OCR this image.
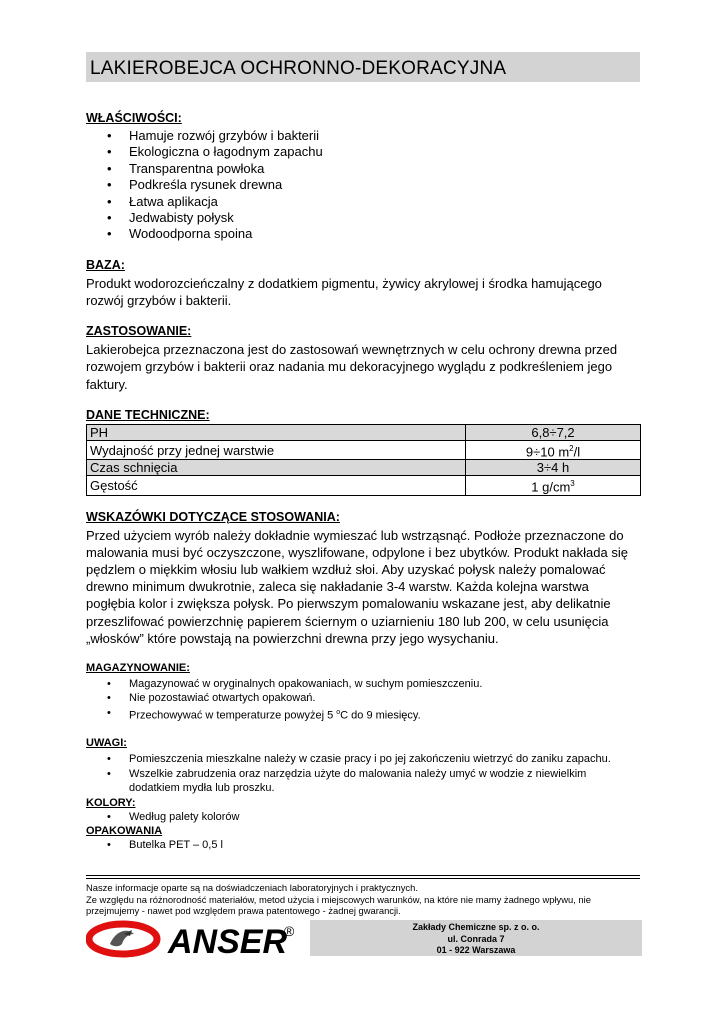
LAKIEROBEJCA OCHRONNO-DEKORACYJNA
WŁAŚCIWOŚCI:
• Hamuje rozwój grzybów i bakterii
• Ekologiczna o łagodnym zapachu
• Transparentna powłoka
• Podkreśla rysunek drewna
• Łatwa aplikacja
• Jedwabisty połysk
• Wodoodporna spoina
BAZA:

Produkt wodorozcieńczalny z dodatkiem pigmentu, żywicy akrylowej i środka hamującego rozwój grzybów i bakterii.

ZASTOSOWANIE:

Lakierobejca przeznaczona jest do zastosowań wewnętrznych w celu ochrony drewna przed rozwojem grzybów i bakterii oraz nadania mu dekoracyjnego wyglądu z podkreśleniem jego faktury.

DANE TECHNICZNE:
PH	6,8÷7,2
Wydajność przy jednej warstwie	9÷10 $m^2/l$
Czas schnięcia	3÷4 h
Gęstość	1 $g/cm^3$
WSKAZÓWKI DOTYCZĄCE STOSOWANIA:

Przed użyciem wyrób należy dokładnie wymieszać lub wstrząsnąć. Podłoże przeznaczone do malowania musi być oczyszczone, wyszlifowane, odpylone i bez ubytków. Produkt nakłada się pędzlem o miękkim włosiu lub wałkiem wzdłuż słoi. Aby uzyskać połysk należy pomalować drewno minimum dwukrotnie, zaleca się nakładanie 3-4 warstw. Każda kolejna warstwa pogłębia kolor i zwiększa połysk. Po pierwszym pomalowaniu wskazane jest, aby delikatnie przeszlifować powierzchnię papierem ściernym o uziarnieniu 180 lub 200, w celu usunięcia „włosków” które powstają na powierzchni drewna przy jego wysychaniu.

MAGAZYNOWANIE:
• Magazynować w oryginalnych opakowaniach, w suchym pomieszczeniu.
• Nie pozostawiać otwartych opakowań.
• Przechowywać w temperaturze powyżej 5 $^o$C do 9 miesięcy.
UWAGI:
• Pomieszczenia mieszkalne należy w czasie pracy i po jej zakończeniu wietrzyć do zaniku zapachu.
• Wszelkie zabrudzenia oraz narzędzia użyte do malowania należy umyć w wodzie z niewielkim dodatkiem mydła lub proszku.
KOLORY:
• Według palety kolorów
OPAKOWANIA
• Butelka PET – 0,5 l
Nasze informacje oparte są na doświadczeniach laboratoryjnych i praktycznych.
Ze względu na różnorodność materiałów, metod użycia i miejscowych warunków, na które nie mamy żadnego wpływu, nie przejmujemy - nawet pod względem prawa patentowego - żadnej gwarancji.
ANSER
®	Zakłady Chemiczne sp. z o. o.
ul. Conrada 7
01 - 922 Warszawa
